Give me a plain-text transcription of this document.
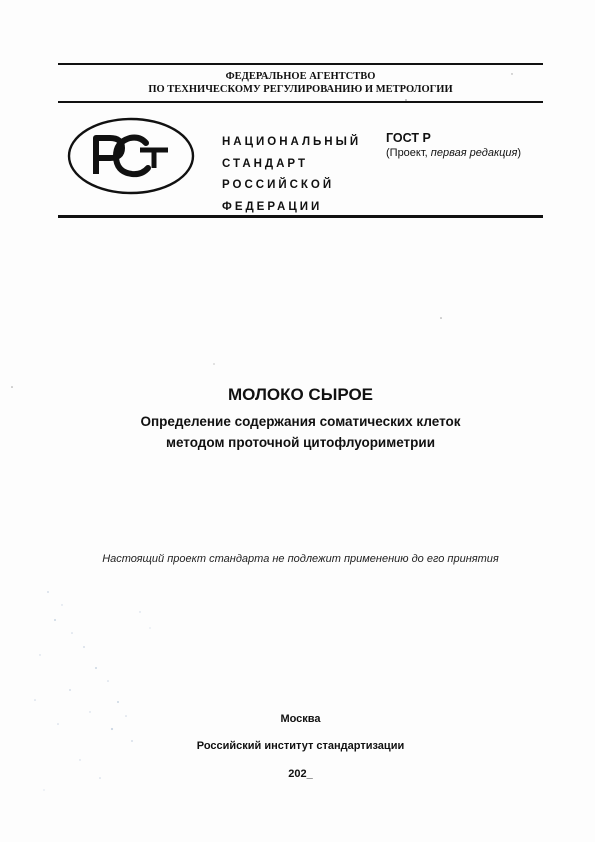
ФЕДЕРАЛЬНОЕ АГЕНТСТВО
ПО ТЕХНИЧЕСКОМУ РЕГУЛИРОВАНИЮ И МЕТРОЛОГИИ
НАЦИОНАЛЬНЫЙ
СТАНДАРТ
РОССИЙСКОЙ
ФЕДЕРАЦИИ
ГОСТ Р
(Проект, первая редакция)
МОЛОКО СЫРОЕ
Определение содержания соматических клеток
методом проточной цитофлуориметрии
Настоящий проект стандарта не подлежит применению до его принятия
Москва
Российский институт стандартизации
202_
